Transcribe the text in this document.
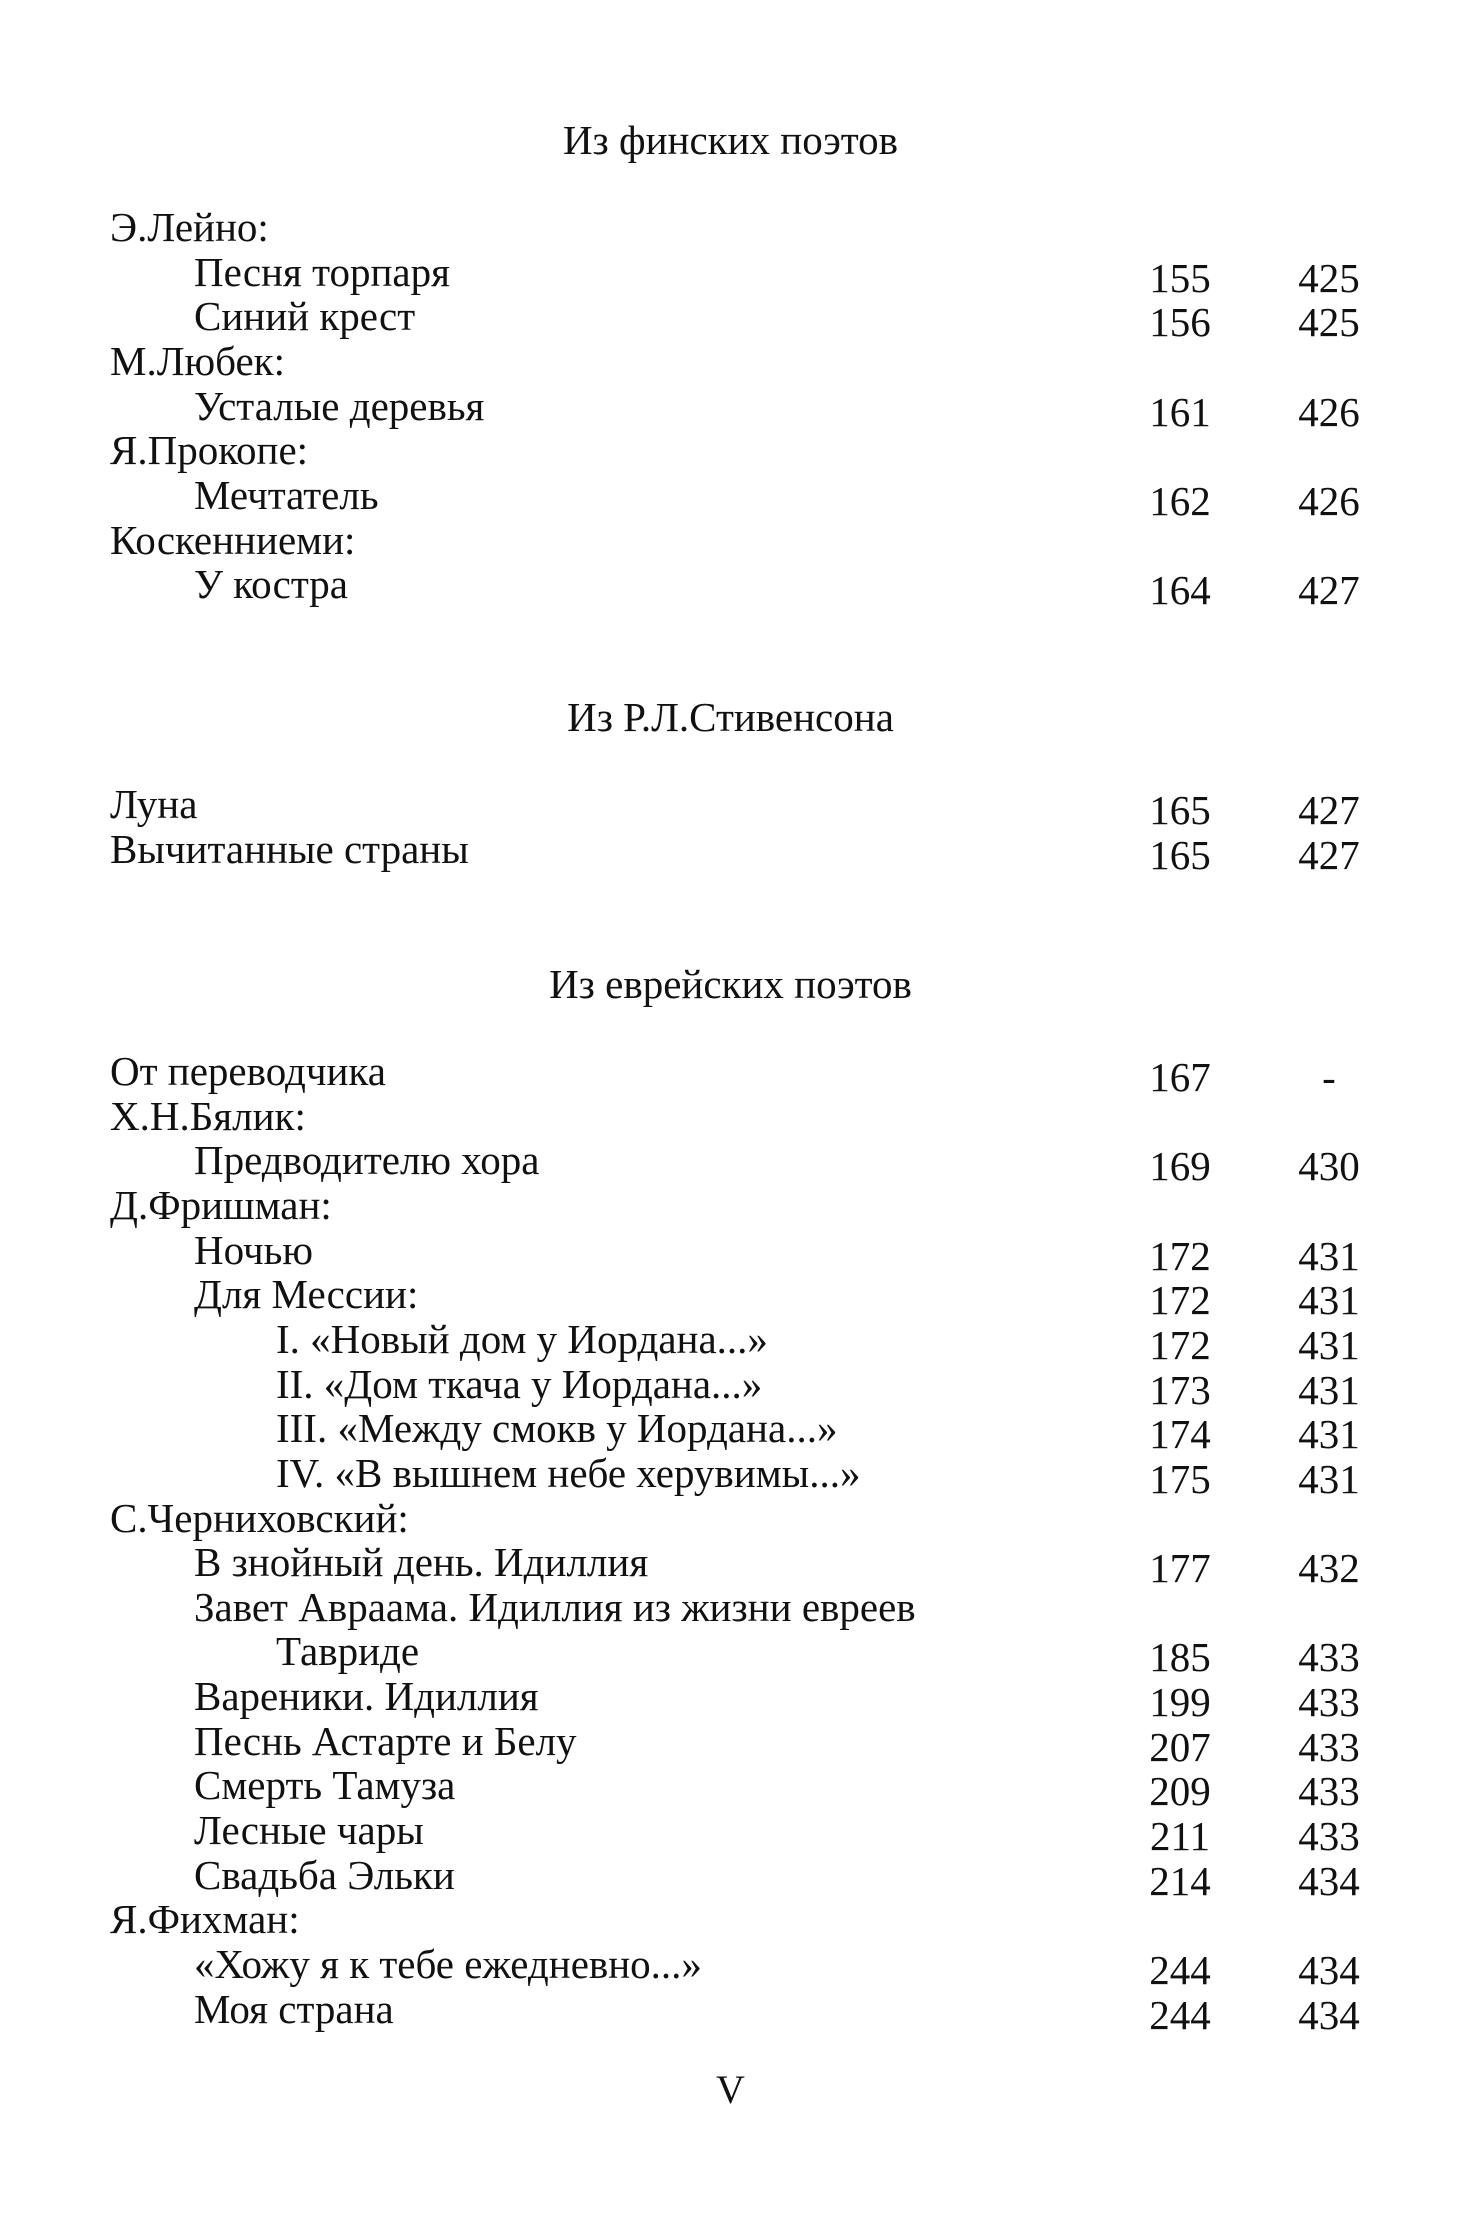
Из финских поэтов
Э.Лейно:
Песня торпаря	155	425
Синий крест	156	425
М.Любек:
Усталые деревья	161	426
Я.Прокопе:
Мечтатель	162	426
Коскенниеми:
У костра	164	427
Из Р.Л.Стивенсона
Луна	165	427
Вычитанные страны	165	427
Из еврейских поэтов
От переводчика	167	-
Х.Н.Бялик:
Предводителю хора	169	430
Д.Фришман:
Ночью	172	431
Для Мессии:	172	431
I. «Новый дом у Иордана...»	172	431
II. «Дом ткача у Иордана...»	173	431
III. «Между смокв у Иордана...»	174	431
IV. «В вышнем небе херувимы...»	175	431
С.Черниховский:
В знойный день. Идиллия	177	432
Завет Авраама. Идиллия из жизни евреев
Тавриде	185	433
Вареники. Идиллия	199	433
Песнь Астарте и Белу	207	433
Смерть Тамуза	209	433
Лесные чары	211	433
Свадьба Эльки	214	434
Я.Фихман:
«Хожу я к тебе ежедневно...»	244	434
Моя страна	244	434
V
